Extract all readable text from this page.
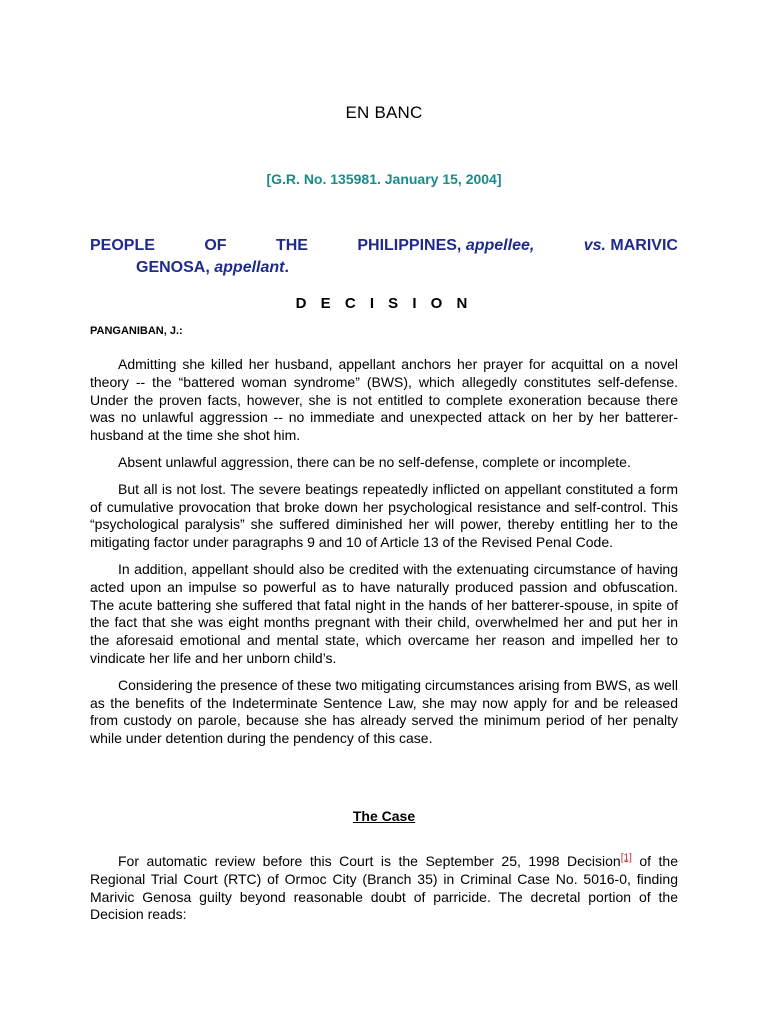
EN BANC
[G.R. No. 135981. January 15, 2004]
PEOPLE	OF	THE	PHILIPPINES, appellee,	vs. MARIVIC
GENOSA, appellant.
D E C I S I O N
PANGANIBAN, J.:

Admitting she killed her husband, appellant anchors her prayer for acquittal on a novel theory -- the “battered woman syndrome” (BWS), which allegedly constitutes self-defense. Under the proven facts, however, she is not entitled to complete exoneration because there was no unlawful aggression -- no immediate and unexpected attack on her by her batterer-husband at the time she shot him.

Absent unlawful aggression, there can be no self-defense, complete or incomplete.

But all is not lost. The severe beatings repeatedly inflicted on appellant constituted a form of cumulative provocation that broke down her psychological resistance and self-control. This “psychological paralysis” she suffered diminished her will power, thereby entitling her to the mitigating factor under paragraphs 9 and 10 of Article 13 of the Revised Penal Code.

In addition, appellant should also be credited with the extenuating circumstance of having acted upon an impulse so powerful as to have naturally produced passion and obfuscation. The acute battering she suffered that fatal night in the hands of her batterer-spouse, in spite of the fact that she was eight months pregnant with their child, overwhelmed her and put her in the aforesaid emotional and mental state, which overcame her reason and impelled her to vindicate her life and her unborn child’s.

Considering the presence of these two mitigating circumstances arising from BWS, as well as the benefits of the Indeterminate Sentence Law, she may now apply for and be released from custody on parole, because she has already served the minimum period of her penalty while under detention during the pendency of this case.

The Case

For automatic review before this Court is the September 25, 1998 Decision[1] of the Regional Trial Court (RTC) of Ormoc City (Branch 35) in Criminal Case No. 5016-0, finding Marivic Genosa guilty beyond reasonable doubt of parricide. The decretal portion of the Decision reads:
